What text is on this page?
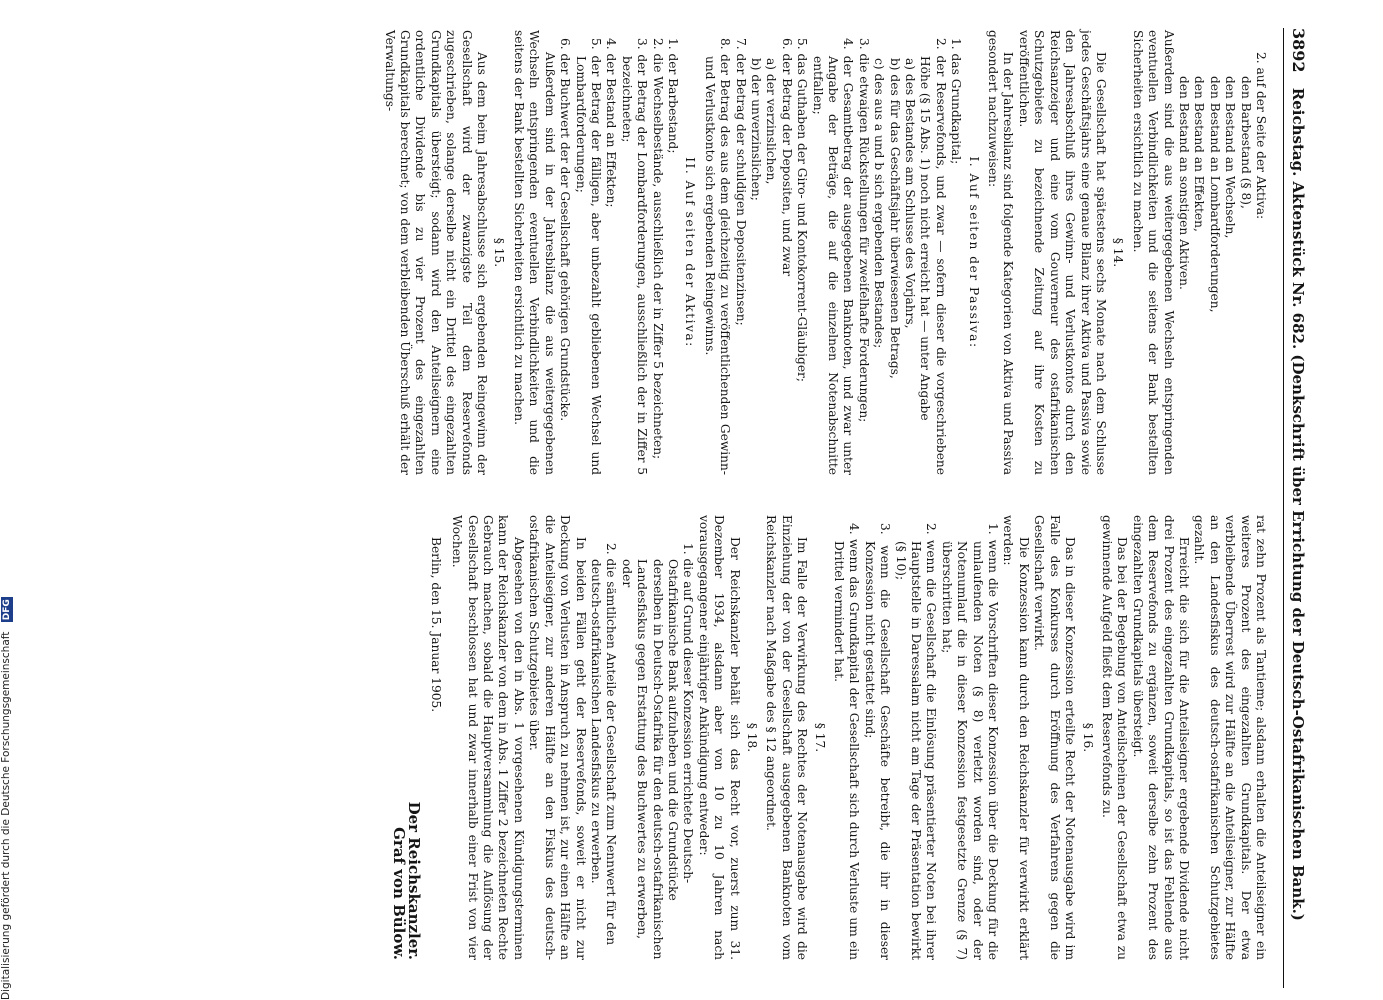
Digitalisierung gefördert durch die Deutsche Forschungsgemeinschaft DFG
3892 Reichstag. Aktenstück Nr. 682. (Denkschrift über Errichtung der Deutsch-Ostafrikanischen Bank.)

2. auf der Seite der Aktiva:

den Barbestand (§ 8),
den Bestand an Wechseln,
den Bestand an Lombardforderungen,
den Bestand an Effekten,
den Bestand an sonstigen Aktiven.

Außerdem sind die aus weitergegebenen Wechseln entspringenden eventuellen Verbindlichkeiten und die seitens der Bank bestellten Sicherheiten ersichtlich zu machen.

§ 14.

Die Gesellschaft hat spätestens sechs Monate nach dem Schlusse jedes Geschäftsjahrs eine genaue Bilanz ihrer Aktiva und Passiva sowie den Jahresabschluß ihres Gewinn- und Verlustkontos durch den Reichsanzeiger und eine vom Gouverneur des ostafrikanischen Schutzgebietes zu bezeichnende Zeitung auf ihre Kosten zu veröffentlichen.

In der Jahresbilanz sind folgende Kategorien von Aktiva und Passiva gesondert nachzuweisen:

I. Auf seiten der Passiva:

1. das Grundkapital;
2. der Reservefonds, und zwar — sofern dieser die vorgeschriebene Höhe (§ 15 Abs. 1) noch nicht erreicht hat — unter Angabe
a) des Bestandes am Schlusse des Vorjahrs,
b) des für das Geschäftsjahr überwiesenen Betrags,
c) des aus a und b sich ergebenden Bestandes;
3. die etwaigen Rückstellungen für zweifelhafte Forderungen;
4. der Gesamtbetrag der ausgegebenen Banknoten, und zwar unter Angabe der Beträge, die auf die einzelnen Notenabschnitte entfallen;
5. das Guthaben der Giro- und Kontokorrent-Gläubiger;
6. der Betrag der Depositen, und zwar
a) der verzinslichen,
b) der unverzinslichen;
7. der Betrag der schuldigen Depositenzinsen;
8. der Betrag des aus dem gleichzeitig zu veröffentlichenden Gewinn- und Verlustkonto sich ergebenden Reingewinns.

II. Auf seiten der Aktiva:

1. der Barbestand;
2. die Wechselbestände, ausschließlich der in Ziffer 5 bezeichneten;
3. der Betrag der Lombardforderungen, ausschließlich der in Ziffer 5 bezeichneten;
4. der Bestand an Effekten;
5. der Betrag der fälligen, aber unbezahlt gebliebenen Wechsel und Lombardforderungen;
6. der Buchwert der der Gesellschaft gehörigen Grundstücke.

Außerdem sind in der Jahresbilanz die aus weitergegebenen Wechseln entspringenden eventuellen Verbindlichkeiten und die seitens der Bank bestellten Sicherheiten ersichtlich zu machen.

§ 15.

Aus dem beim Jahresabschlusse sich ergebenden Reingewinn der Gesellschaft wird der zwanzigste Teil dem Reservefonds zugeschrieben, solange derselbe nicht ein Drittel des eingezahlten Grundkapitals übersteigt; sodann wird den Anteilseignern eine ordentliche Dividende bis zu vier Prozent des eingezahlten Grundkapitals berechnet; von dem verbleibenden Überschuß erhält der Verwaltungs-

rat zehn Prozent als Tantieme; alsdann erhalten die Anteilseigner ein weiteres Prozent des eingezahlten Grundkapitals. Der etwa verbleibende Überrest wird zur Hälfte an die Anteilseigner, zur Hälfte an den Landesfiskus des deutsch-ostafrikanischen Schutzgebietes gezahlt.

Erreicht die sich für die Anteilseigner ergebende Dividende nicht drei Prozent des eingezahlten Grundkapitals, so ist das Fehlende aus dem Reservefonds zu ergänzen, soweit derselbe zehn Prozent des eingezahlten Grundkapitals übersteigt.

Das bei der Begebung von Anteilscheinen der Gesellschaft etwa zu gewinnende Aufgeld fließt dem Reservefonds zu.

§ 16.

Das in dieser Konzession erteilte Recht der Notenausgabe wird im Falle des Konkurses durch Eröffnung des Verfahrens gegen die Gesellschaft verwirkt.

Die Konzession kann durch den Reichskanzler für verwirkt erklärt werden:

1. wenn die Vorschriften dieser Konzession über die Deckung für die umlaufenden Noten (§ 8) verletzt worden sind, oder der Notenumlauf die in dieser Konzession festgesetzte Grenze (§ 7) überschritten hat;
2. wenn die Gesellschaft die Einlösung präsentierter Noten bei ihrer Hauptstelle in Daressalam nicht am Tage der Präsentation bewirkt (§ 10);
3. wenn die Gesellschaft Geschäfte betreibt, die ihr in dieser Konzession nicht gestattet sind;
4. wenn das Grundkapital der Gesellschaft sich durch Verluste um ein Drittel vermindert hat.

§ 17.

Im Falle der Verwirkung des Rechtes der Notenausgabe wird die Einziehung der von der Gesellschaft ausgegebenen Banknoten vom Reichskanzler nach Maßgabe des § 12 angeordnet.

§ 18.

Der Reichskanzler behält sich das Recht vor, zuerst zum 31. Dezember 1934, alsdann aber von 10 zu 10 Jahren nach vorausgegangener einjähriger Ankündigung entweder:

1. die auf Grund dieser Konzession errichtete Deutsch-Ostafrikanische Bank aufzuheben und die Grundstücke derselben in Deutsch-Ostafrika für den deutsch-ostafrikanischen Landesfiskus gegen Erstattung des Buchwertes zu erwerben, oder
2. die sämtlichen Anteile der Gesellschaft zum Nennwert für den deutsch-ostafrikanischen Landesfiskus zu erwerben.

In beiden Fällen geht der Reservefonds, soweit er nicht zur Deckung von Verlusten in Anspruch zu nehmen ist, zur einen Hälfte an die Anteilseigner, zur anderen Hälfte an den Fiskus des deutsch-ostafrikanischen Schutzgebietes über.

Abgesehen von den in Abs. 1 vorgesehenen Kündigungsterminen kann der Reichskanzler von dem in Abs. 1 Ziffer 2 bezeichneten Rechte Gebrauch machen, sobald die Hauptversammlung die Auflösung der Gesellschaft beschlossen hat und zwar innerhalb einer Frist von vier Wochen.

Berlin, den 15. Januar 1905.

Der Reichskanzler.

Graf von Bülow.
